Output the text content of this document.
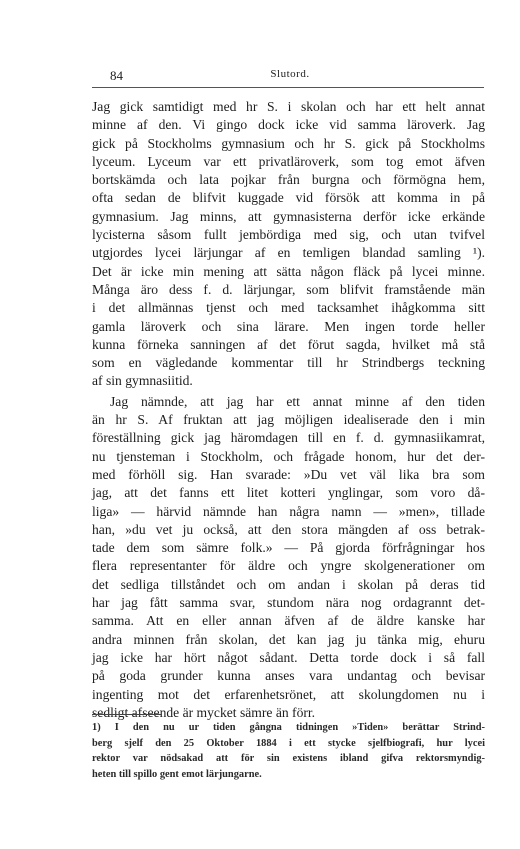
84	Slutord.
Jag gick samtidigt med hr S. i skolan och har ett helt annat
minne af den. Vi gingo dock icke vid samma läroverk. Jag
gick på Stockholms gymnasium och hr S. gick på Stockholms
lyceum. Lyceum var ett privatläroverk, som tog emot äfven
bortskämda och lata pojkar från burgna och förmögna hem,
ofta sedan de blifvit kuggade vid försök att komma in på
gymnasium. Jag minns, att gymnasisterna derför icke erkände
lycisterna såsom fullt jembördiga med sig, och utan tvifvel
utgjordes lycei lärjungar af en temligen blandad samling ¹).
Det är icke min mening att sätta någon fläck på lycei minne.
Många äro dess f. d. lärjungar, som blifvit framstående män
i det allmännas tjenst och med tacksamhet ihågkomma sitt
gamla läroverk och sina lärare. Men ingen torde heller
kunna förneka sanningen af det förut sagda, hvilket må stå
som en vägledande kommentar till hr Strindbergs teckning
af sin gymnasiitid.
Jag nämnde, att jag har ett annat minne af den tiden
än hr S. Af fruktan att jag möjligen idealiserade den i min
föreställning gick jag häromdagen till en f. d. gymnasiikamrat,
nu tjensteman i Stockholm, och frågade honom, hur det der-
med förhöll sig. Han svarade: »Du vet väl lika bra som
jag, att det fanns ett litet kotteri ynglingar, som voro då-
liga» — härvid nämnde han några namn — »men», tillade
han, »du vet ju också, att den stora mängden af oss betrak-
tade dem som sämre folk.» — På gjorda förfrågningar hos
flera representanter för äldre och yngre skolgenerationer om
det sedliga tillståndet och om andan i skolan på deras tid
har jag fått samma svar, stundom nära nog ordagrannt det-
samma. Att en eller annan äfven af de äldre kanske har
andra minnen från skolan, det kan jag ju tänka mig, ehuru
jag icke har hört något sådant. Detta torde dock i så fall
på goda grunder kunna anses vara undantag och bevisar
ingenting mot det erfarenhetsrönet, att skolungdomen nu i
sedligt afseende är mycket sämre än förr.
1) I den nu ur tiden gångna tidningen »Tiden» berättar Strind-
berg sjelf den 25 Oktober 1884 i ett stycke sjelfbiografi, hur lycei
rektor var nödsakad att för sin existens ibland gifva rektorsmyndig-
heten till spillo gent emot lärjungarne.
